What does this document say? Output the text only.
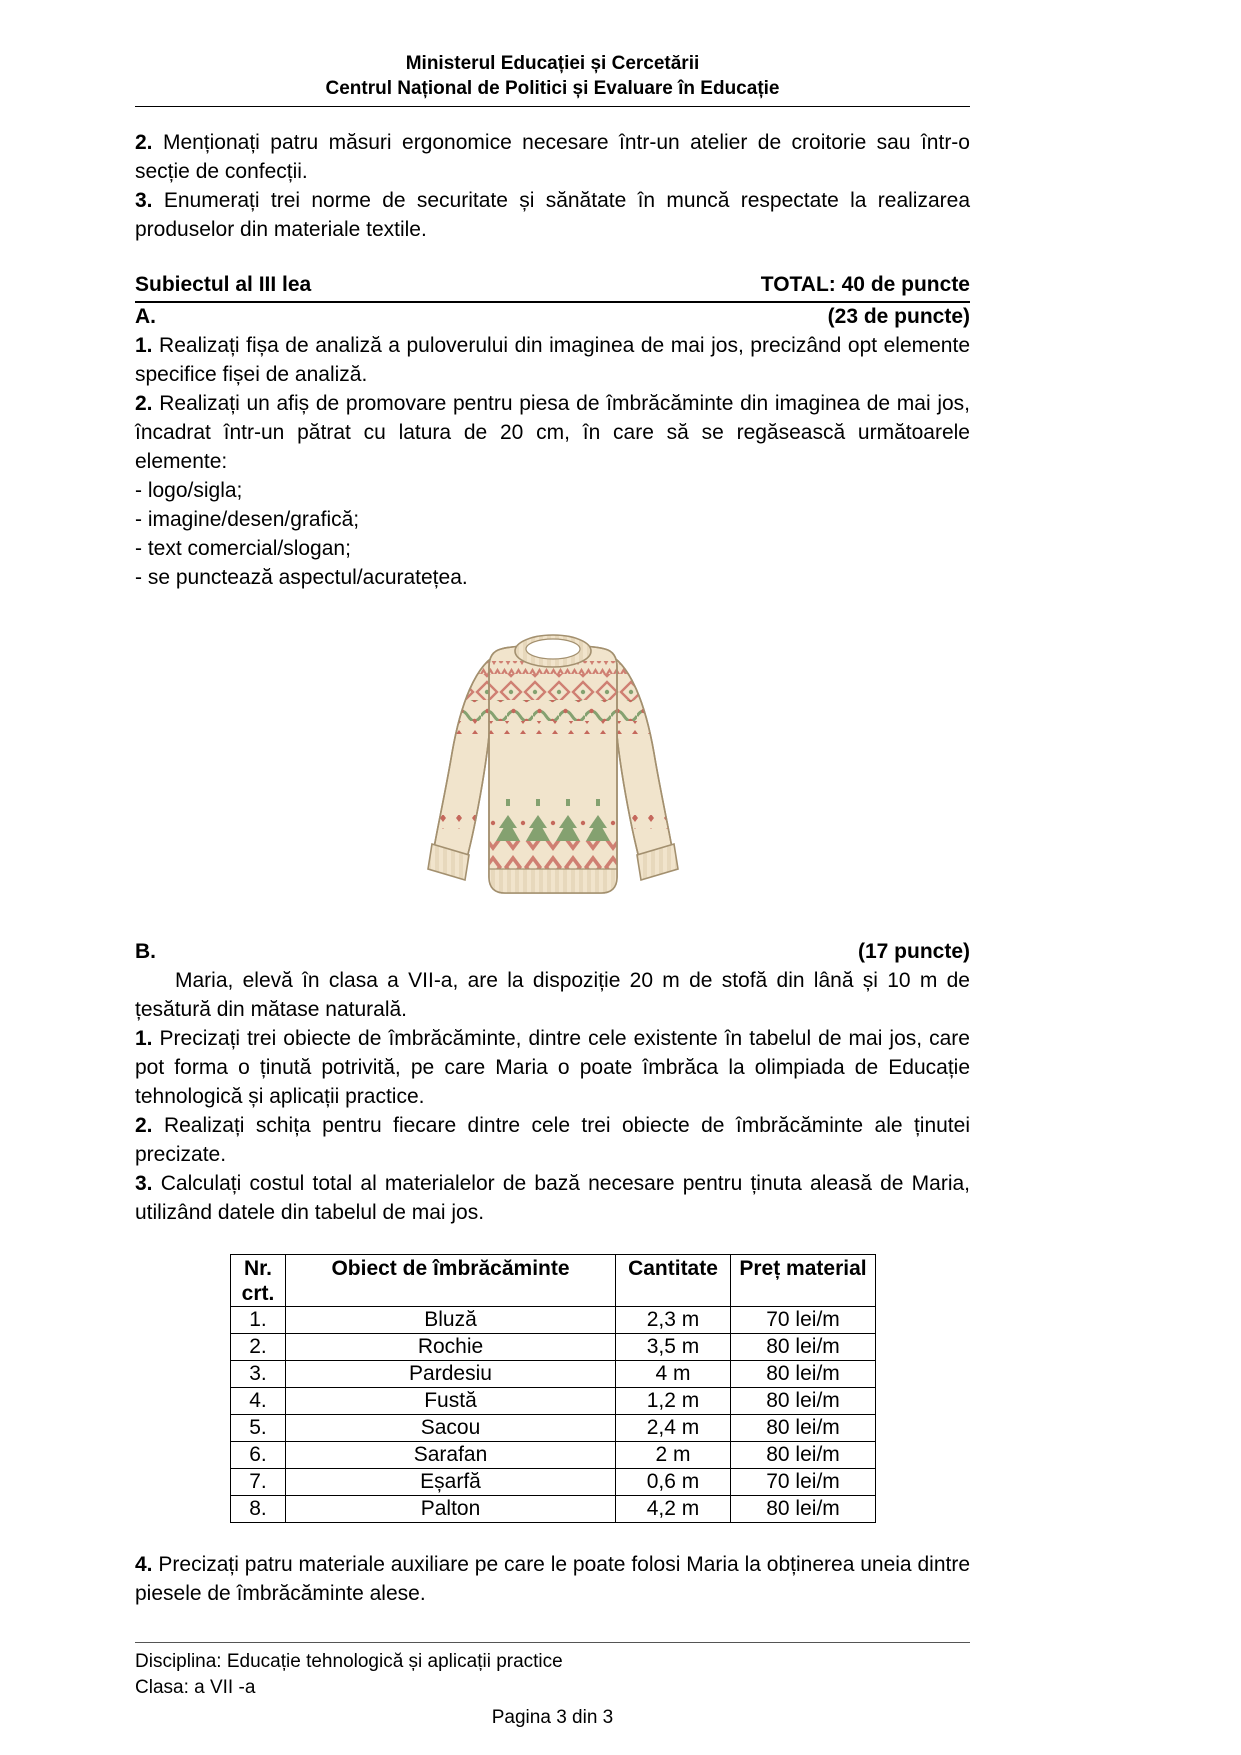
Ministerul Educației și Cercetării
Centrul Național de Politici și Evaluare în Educație

2. Menționați patru măsuri ergonomice necesare într-un atelier de croitorie sau într-o secție de confecții.

3. Enumerați trei norme de securitate și sănătate în muncă respectate la realizarea produselor din materiale textile.

Subiectul al III lea	TOTAL: 40 de puncte
A.	(23 de puncte)

1. Realizați fișa de analiză a puloverului din imaginea de mai jos, precizând opt elemente specifice fișei de analiză.

2. Realizați un afiș de promovare pentru piesa de îmbrăcăminte din imaginea de mai jos, încadrat într-un pătrat cu latura de 20 cm, în care să se regăsească următoarele elemente:

- logo/sigla;
- imagine/desen/grafică;
- text comercial/slogan;
- se punctează aspectul/acuratețea.
B.	(17 puncte)

Maria, elevă în clasa a VII-a, are la dispoziție 20 m de stofă din lână și 10 m de țesătură din mătase naturală.

1. Precizați trei obiecte de îmbrăcăminte, dintre cele existente în tabelul de mai jos, care pot forma o ținută potrivită, pe care Maria o poate îmbrăca la olimpiada de Educație tehnologică și aplicații practice.

2. Realizați schița pentru fiecare dintre cele trei obiecte de îmbrăcăminte ale ținutei precizate.

3. Calculați costul total al materialelor de bază necesare pentru ținuta aleasă de Maria, utilizând datele din tabelul de mai jos.

Nr. crt.	Obiect de îmbrăcăminte	Cantitate	Preț material
1.	Bluză	2,3 m	70 lei/m
2.	Rochie	3,5 m	80 lei/m
3.	Pardesiu	4 m	80 lei/m
4.	Fustă	1,2 m	80 lei/m
5.	Sacou	2,4 m	80 lei/m
6.	Sarafan	2 m	80 lei/m
7.	Eșarfă	0,6 m	70 lei/m
8.	Palton	4,2 m	80 lei/m

4. Precizați patru materiale auxiliare pe care le poate folosi Maria la obținerea uneia dintre piesele de îmbrăcăminte alese.

Disciplina: Educație tehnologică și aplicații practice
Clasa: a VII -a
Pagina 3 din 3
